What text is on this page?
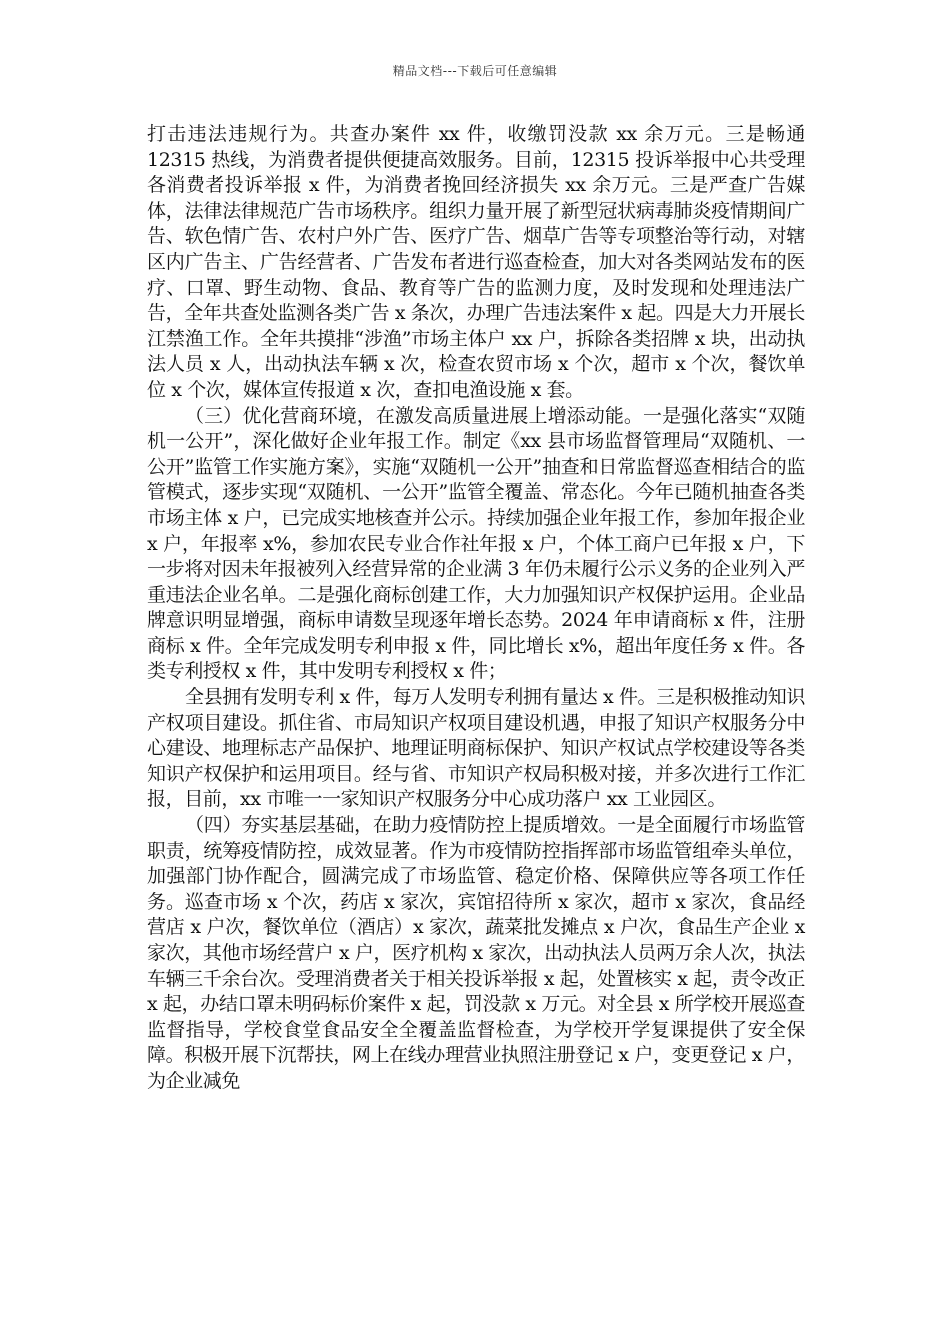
精品文档---下载后可任意编辑

打击违法违规行为。共查办案件 xx 件，收缴罚没款 xx 余万元。三是畅通 12315 热线，为消费者提供便捷高效服务。目前，12315 投诉举报中心共受理各消费者投诉举报 x 件，为消费者挽回经济损失 xx 余万元。三是严查广告媒体，法律法律规范广告市场秩序。组织力量开展了新型冠状病毒肺炎疫情期间广告、软色情广告、农村户外广告、医疗广告、烟草广告等专项整治等行动，对辖区内广告主、广告经营者、广告发布者进行巡查检查，加大对各类网站发布的医疗、口罩、野生动物、食品、教育等广告的监测力度，及时发现和处理违法广告，全年共查处监测各类广告 x 条次，办理广告违法案件 x 起。四是大力开展长江禁渔工作。全年共摸排“涉渔”市场主体户 xx 户，拆除各类招牌 x 块，出动执法人员 x 人，出动执法车辆 x 次，检查农贸市场 x 个次，超市 x 个次，餐饮单位 x 个次，媒体宣传报道 x 次，查扣电渔设施 x 套。

（三）优化营商环境，在激发高质量进展上增添动能。一是强化落实“双随机一公开”，深化做好企业年报工作。制定《xx 县市场监督管理局“双随机、一公开”监管工作实施方案》，实施“双随机一公开”抽查和日常监督巡查相结合的监管模式，逐步实现“双随机、一公开”监管全覆盖、常态化。今年已随机抽查各类市场主体 x 户，已完成实地核查并公示。持续加强企业年报工作，参加年报企业 x 户，年报率 x%，参加农民专业合作社年报 x 户，个体工商户已年报 x 户，下一步将对因未年报被列入经营异常的企业满 3 年仍未履行公示义务的企业列入严重违法企业名单。二是强化商标创建工作，大力加强知识产权保护运用。企业品牌意识明显增强，商标申请数呈现逐年增长态势。2024 年申请商标 x 件，注册商标 x 件。全年完成发明专利申报 x 件，同比增长 x%，超出年度任务 x 件。各类专利授权 x 件，其中发明专利授权 x 件；

全县拥有发明专利 x 件，每万人发明专利拥有量达 x 件。三是积极推动知识产权项目建设。抓住省、市局知识产权项目建设机遇，申报了知识产权服务分中心建设、地理标志产品保护、地理证明商标保护、知识产权试点学校建设等各类知识产权保护和运用项目。经与省、市知识产权局积极对接，并多次进行工作汇报，目前，xx 市唯一一家知识产权服务分中心成功落户 xx 工业园区。

（四）夯实基层基础，在助力疫情防控上提质增效。一是全面履行市场监管职责，统筹疫情防控，成效显著。作为市疫情防控指挥部市场监管组牵头单位，加强部门协作配合，圆满完成了市场监管、稳定价格、保障供应等各项工作任务。巡查市场 x 个次，药店 x 家次，宾馆招待所 x 家次，超市 x 家次，食品经营店 x 户次，餐饮单位（酒店）x 家次，蔬菜批发摊点 x 户次，食品生产企业 x 家次，其他市场经营户 x 户，医疗机构 x 家次，出动执法人员两万余人次，执法车辆三千余台次。受理消费者关于相关投诉举报 x 起，处置核实 x 起，责令改正 x 起，办结口罩未明码标价案件 x 起，罚没款 x 万元。对全县 x 所学校开展巡查监督指导，学校食堂食品安全全覆盖监督检查，为学校开学复课提供了安全保障。积极开展下沉帮扶，网上在线办理营业执照注册登记 x 户，变更登记 x 户，为企业减免
